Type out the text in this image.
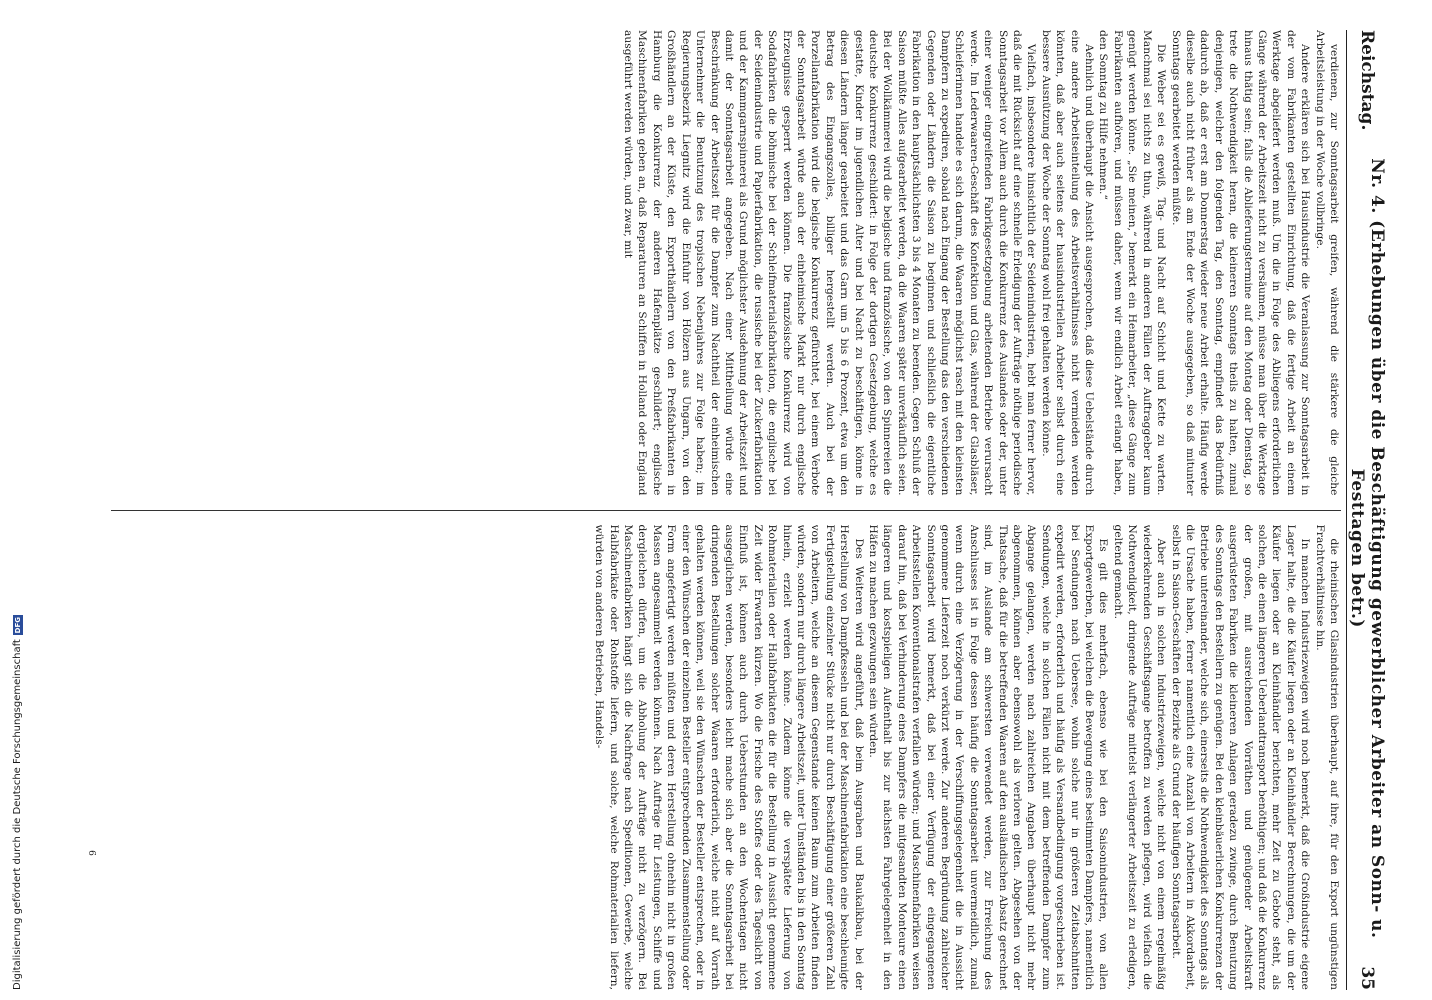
Reichstag.
Nr. 4. (Erhebungen über die Beschäftigung gewerblicher Arbeiter an Sonn- u. Festtagen betr.)
35

verdienen, zur Sonntagsarbeit greifen, während die stärkere die gleiche Arbeitsleistung in der Woche vollbringe.

Andere erklären sich bei Hausindustrie die Veranlassung zur Sonntagsarbeit in der vom Fabrikanten gestellten Einrichtung, daß die fertige Arbeit an einem Werktage abgeliefert werden muß. Um die in Folge des Abliegens erforderlichen Gänge während der Arbeitszeit nicht zu versäumen, müsse man über die Werktage hinaus thätig sein; falls die Ablieferungstermine auf den Montag oder Dienstag, so trete die Nothwendigkeit heran, die kleineren Sonntags theils zu halten, zumal denjenigen, welcher den folgenden Tag, den Sonntag, empfindet das Bedürfniß dadurch ab, daß er erst am Donnerstag wieder neue Arbeit erhalte. Häufig werde dieselbe auch nicht früher als am Ende der Woche ausgegeben, so daß mitunter Sonntags gearbeitet werden müßte.

Die Weber sei es gewiß, Tag- und Nacht auf Schicht und Kette zu warten. Manchmal sei nichts zu thun, während in anderen Fällen der Auftraggeber kaum genügt werden könne. „Sie meinen,“ bemerkt ein Heimarbeiter, „diese Gänge zum Fabrikanten aufhören, und müssen daher, wenn wir endlich Arbeit erlangt haben, den Sonntag zu Hilfe nehmen.“

Aehnlich und überhaupt die Ansicht ausgesprochen, daß diese Uebelstände durch eine andere Arbeitseinteilung des Arbeitsverhältnisses nicht vermieden werden könnten, daß aber auch seitens der hausindustriellen Arbeiter selbst durch eine bessere Ausnützung der Woche der Sonntag wohl frei gehalten werden könne.

Vielfach, insbesondere hinsichtlich der Seidenindustrien, hebt man ferner hervor, daß die mit Rücksicht auf eine schnelle Erledigung der Aufträge nöthige periodische Sonntagsarbeit vor Allem auch durch die Konkurrenz des Auslandes oder der, unter einer weniger eingreifenden Fabrikgesetzgebung arbeitenden Betriebe verursacht werde. Im Lederwaaren-Geschäft des Konfektion und Glas, während der Glasbläser, Schleiferinnen handele es sich darum, die Waaren möglichst rasch mit den kleinsten Dampfern zu expediren, sobald nach Eingang der Bestellung das den verschiedenen Gegenden oder Ländern die Saison zu beginnen und schließlich die eigentliche Fabrikation in den hauptsächlichsten 3 bis 4 Monaten zu beenden. Gegen Schluß der Saison müßte Alles aufgearbeitet werden, da die Waaren später unverkäuflich seien. Bei der Wollkämmerei wird die belgische und französische, von den Spinnereien die deutsche Konkurrenz geschildert: in Folge der dortigen Gesetzgebung, welche es gestatte, Kinder im jugendlichen Alter und bei Nacht zu beschäftigen, könne in diesen Ländern länger gearbeitet und das Garn um 5 bis 6 Prozent, etwa um den Betrag des Eingangszolles, billiger hergestellt werden. Auch bei der Porzellanfabrikation wird die belgische Konkurrenz gefürchtet, bei einem Verbote der Sonntagsarbeit würde auch der einheimische Markt nur durch englische Erzeugnisse gesperrt werden können. Die französische Konkurrenz wird von Sodafabriken die böhmische bei der Schleifmaterialsfabrikation, die englische bei der Seidenindustrie und Papierfabrikation, die russische bei der Zuckerfabrikation und der Kammgarnspinnerei als Grund möglichster Ausdehnung der Arbeitszeit und damit der Sonntagsarbeit angegeben. Nach einer Mittheilung würde eine Beschränkung der Arbeitszeit für die Dampfer zum Nachtheil der einheimischen Unternehmer die Benutzung des tropischen Nebenjahres zur Folge haben; im Regierungsbezirk Liegnitz wird die Einfuhr von Hölzern aus Ungarn, von den Großhändlern an der Küste, den Exporthändlern von den Preßfabrikanten in Hamburg die Konkurrenz der anderen Hafenplätze geschildert; englische Maschinenfabriken geben an, daß Reparaturen an Schiffen in Holland oder England ausgeführt werden würden, und zwar, mit

die rheinischen Glasindustrien überhaupt, auf ihre, für den Export ungünstigen Frachtverhältnisse hin.

In manchen Industriezweigen wird noch bemerkt, daß die Großindustrie eigene Lager halte, die die Käufer liegen oder an Kleinhändler Berechnungen, die um der Käufer liegen oder an Kleinhändler berichten, mehr Zeit zu Gebote steht, als solchen, die einen längeren Ueberlandtransport benöthigen; und daß die Konkurrenz der großen, mit ausreichenden Vorräthen und genügender Arbeitskraft ausgerüsteten Fabriken die kleineren Anlagen geradezu zwinge, durch Benutzung des Sonntags den Bestellern zu genügen. Bei den kleinbäuerlichen Konkurrenzen der Betriebe untereinander, welche sich, einerseits die Nothwendigkeit des Sonntags als die Ursache haben, ferner namentlich eine Anzahl von Arbeitern in Akkordarbeit, selbst in Saison-Geschäften der Bezirke als Grund der häufigen Sonntagsarbeit.

Aber auch in solchen Industriezweigen, welche nicht von einem regelmäßig wiederkehrenden Geschäftsgange betroffen zu werden pflegen, wird vielfach die Nothwendigkeit, dringende Aufträge mittelst verlängerter Arbeitszeit zu erledigen, geltend gemacht.

Es gilt dies mehrfach, ebenso wie bei den Saisonindustrien, von allen Exportgewerben, bei welchen die Bewegung eines bestimmten Dampfers, namentlich bei Sendungen nach Uebersee, wohin solche nur in größeren Zeitabschnitten expedirt werden, erforderlich und häufig als Versandbedingung vorgeschrieben ist. Sendungen, welche in solchen Fällen nicht mit dem betreffenden Dampfer zum Abgange gelangen, werden nach zahlreichen Angaben überhaupt nicht mehr abgenommen, können aber ebensowohl als verloren gelten. Abgesehen von der Thatsache, daß für die betreffenden Waaren auf den ausländischen Absatz gerechnet sind, im Auslande am schwersten verwendet werden, zur Erreichung des Anschlusses ist in Folge dessen häufig die Sonntagsarbeit unvermeidlich, zumal wenn durch eine Verzögerung in der Verschiffungsgelegenheit die in Aussicht genommene Lieferzeit noch verkürzt werde. Zur anderen Begründung zahlreicher Sonntagsarbeit wird bemerkt, daß bei einer Verfügung der eingegangenen Arbeitsstellen Konventionalstrafen verfallen würden; und Maschinenfabriken weisen darauf hin, daß bei Verhinderung eines Dampfers die mitgesandten Monteure einen längeren und kostspieligen Aufenthalt bis zur nächsten Fahrgelegenheit in den Häfen zu machen gezwungen sein würden.

Des Weiteren wird angeführt, daß beim Ausgraben und Baukalkbau, bei der Herstellung von Dampfkesseln und bei der Maschinenfabrikation eine beschleunigte Fertigstellung einzelner Stücke nicht nur durch Beschäftigung einer größeren Zahl von Arbeitern, welche an diesem Gegenstande keinen Raum zum Arbeiten finden würden, sondern nur durch längere Arbeitszeit, unter Umständen bis in den Sonntag hinein, erzielt werden könne. Zudem könne die verspätete Lieferung von Rohmaterialien oder Halbfabrikaten die für die Bestellung in Aussicht genommene Zeit wider Erwarten kürzen. Wo die Frische des Stoffes oder des Tageslicht von Einfluß ist, können auch durch Ueberstunden an den Wochentagen nicht ausgeglichen werden, besonders leicht mache sich aber die Sonntagsarbeit bei dringenden Bestellungen solcher Waaren erforderlich, welche nicht auf Vorrath gehalten werden können, weil sie den Wünschen der Besteller entsprechen, oder in einer den Wünschen der einzelnen Besteller entsprechenden Zusammenstellung oder Form angefertigt werden müßten und deren Herstellung ohnehin nicht in großen Massen angesammelt werden können. Nach Aufträge für Leistungen, Schiffe und dergleichen dürfen, um die Abholung der Aufträge nicht zu verzögern. Bei Maschinenfabriken hängt sich die Nachfrage nach Speditionen, Gewerbe, welche Halbfabrikate oder Rohstoffe liefern, und solche, welche Rohmaterialien liefern, würden von anderen Betrieben, Handels-

6
Digitalisierung gefördert durch die Deutsche Forschungsgemeinschaft
DFG
